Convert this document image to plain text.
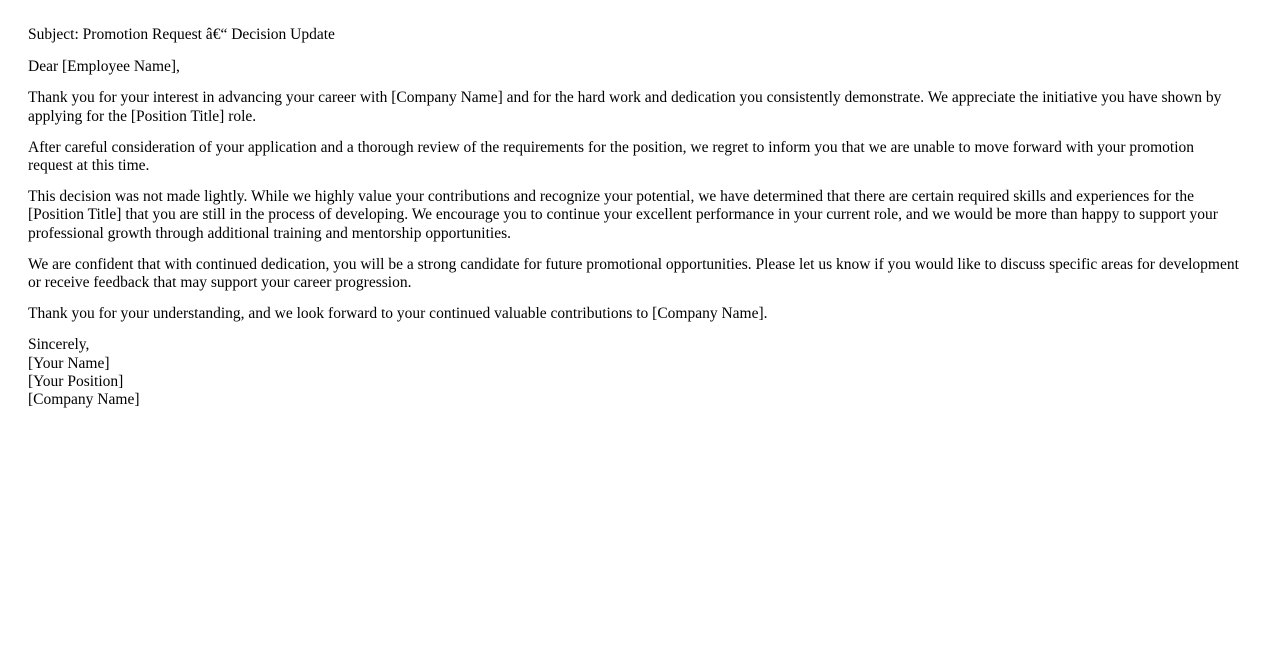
Subject: Promotion Request â€“ Decision Update

Dear [Employee Name],

Thank you for your interest in advancing your career with [Company Name] and for the hard work and dedication you consistently demonstrate. We appreciate the initiative you have shown by applying for the [Position Title] role.

After careful consideration of your application and a thorough review of the requirements for the position, we regret to inform you that we are unable to move forward with your promotion request at this time.

This decision was not made lightly. While we highly value your contributions and recognize your potential, we have determined that there are certain required skills and experiences for the [Position Title] that you are still in the process of developing. We encourage you to continue your excellent performance in your current role, and we would be more than happy to support your professional growth through additional training and mentorship opportunities.

We are confident that with continued dedication, you will be a strong candidate for future promotional opportunities. Please let us know if you would like to discuss specific areas for development or receive feedback that may support your career progression.

Thank you for your understanding, and we look forward to your continued valuable contributions to [Company Name].

Sincerely,
[Your Name]
[Your Position]
[Company Name]
